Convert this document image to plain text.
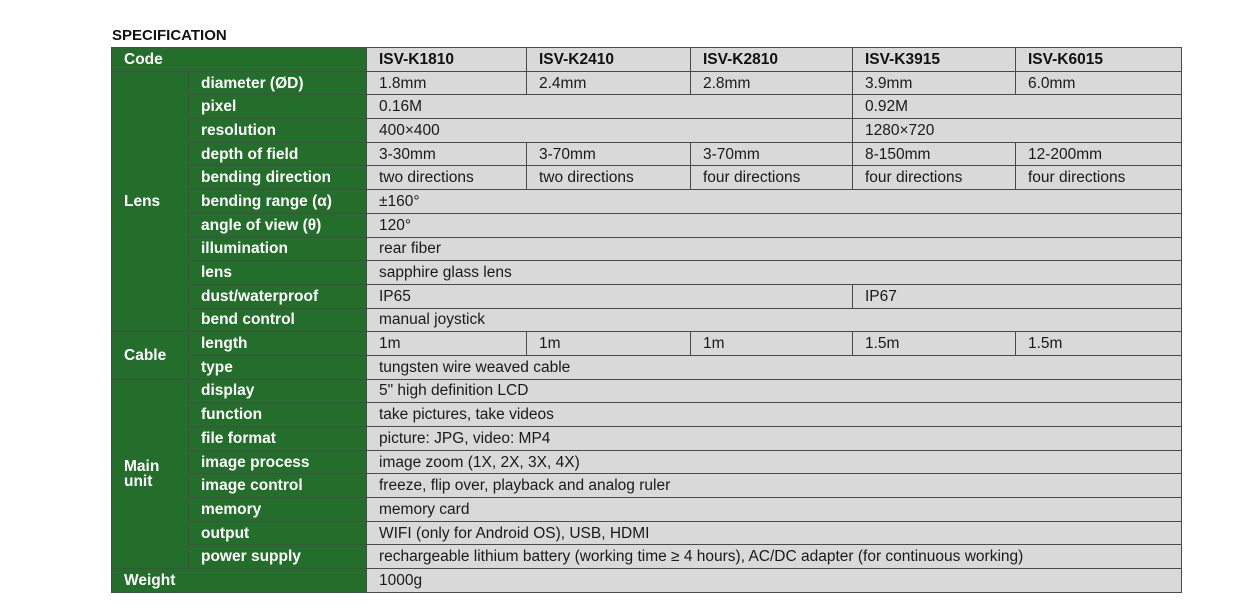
SPECIFICATION
Code		ISV-K1810	ISV-K2410	ISV-K2810	ISV-K3915	ISV-K6015
Lens	diameter (ØD)	1.8mm	2.4mm	2.8mm	3.9mm	6.0mm
	pixel	0.16M			0.92M	
	resolution	400×400			1280×720	
	depth of field	3-30mm	3-70mm	3-70mm	8-150mm	12-200mm
	bending direction	two directions	two directions	four directions	four directions	four directions
	bending range (α)	±160°				
	angle of view (θ)	120°				
	illumination	rear fiber				
	lens	sapphire glass lens				
	dust/waterproof	IP65			IP67	
	bend control	manual joystick				
Cable	length	1m	1m	1m	1.5m	1.5m
	type	tungsten wire weaved cable				

Main
unit	display	5" high definition LCD				
	function	take pictures, take videos				
	file format	picture: JPG, video: MP4				
	image process	image zoom (1X, 2X, 3X, 4X)				
	image control	freeze, flip over, playback and analog ruler				
	memory	memory card				
	output	WIFI (only for Android OS), USB, HDMI				
	power supply	rechargeable lithium battery (working time ≥ 4 hours), AC/DC adapter (for continuous working)				
Weight		1000g				
